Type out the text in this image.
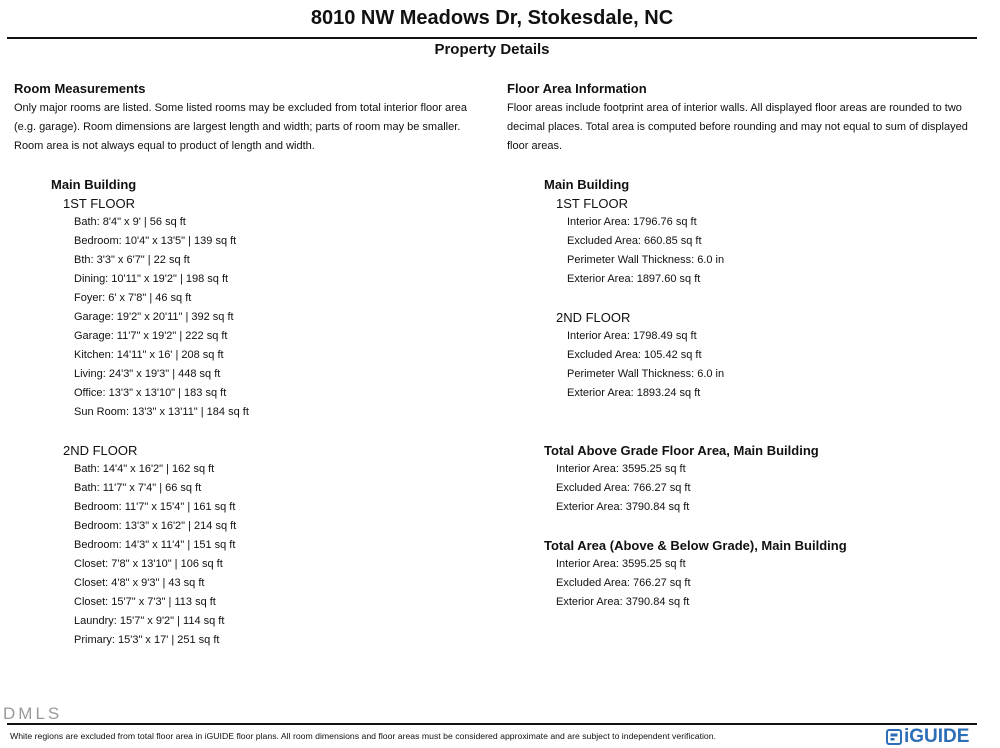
8010 NW Meadows Dr, Stokesdale, NC
Property Details
Room Measurements
Only major rooms are listed. Some listed rooms may be excluded from total interior floor area
(e.g. garage). Room dimensions are largest length and width; parts of room may be smaller.
Room area is not always equal to product of length and width.
Main Building
1ST FLOOR
Bath: 8'4" x 9' | 56 sq ft
Bedroom: 10'4" x 13'5" | 139 sq ft
Bth: 3'3" x 6'7" | 22 sq ft
Dining: 10'11" x 19'2" | 198 sq ft
Foyer: 6' x 7'8" | 46 sq ft
Garage: 19'2" x 20'11" | 392 sq ft
Garage: 11'7" x 19'2" | 222 sq ft
Kitchen: 14'11" x 16' | 208 sq ft
Living: 24'3" x 19'3" | 448 sq ft
Office: 13'3" x 13'10" | 183 sq ft
Sun Room: 13'3" x 13'11" | 184 sq ft
2ND FLOOR
Bath: 14'4" x 16'2" | 162 sq ft
Bath: 11'7" x 7'4" | 66 sq ft
Bedroom: 11'7" x 15'4" | 161 sq ft
Bedroom: 13'3" x 16'2" | 214 sq ft
Bedroom: 14'3" x 11'4" | 151 sq ft
Closet: 7'8" x 13'10" | 106 sq ft
Closet: 4'8" x 9'3" | 43 sq ft
Closet: 15'7" x 7'3" | 113 sq ft
Laundry: 15'7" x 9'2" | 114 sq ft
Primary: 15'3" x 17' | 251 sq ft
Floor Area Information
Floor areas include footprint area of interior walls. All displayed floor areas are rounded to two
decimal places. Total area is computed before rounding and may not equal to sum of displayed
floor areas.
Main Building
1ST FLOOR
Interior Area: 1796.76 sq ft
Excluded Area: 660.85 sq ft
Perimeter Wall Thickness: 6.0 in
Exterior Area: 1897.60 sq ft
2ND FLOOR
Interior Area: 1798.49 sq ft
Excluded Area: 105.42 sq ft
Perimeter Wall Thickness: 6.0 in
Exterior Area: 1893.24 sq ft
Total Above Grade Floor Area, Main Building
Interior Area: 3595.25 sq ft
Excluded Area: 766.27 sq ft
Exterior Area: 3790.84 sq ft
Total Area (Above & Below Grade), Main Building
Interior Area: 3595.25 sq ft
Excluded Area: 766.27 sq ft
Exterior Area: 3790.84 sq ft
DMLS
White regions are excluded from total floor area in iGUIDE floor plans. All room dimensions and floor areas must be considered approximate and are subject to independent verification.	iGUIDE
